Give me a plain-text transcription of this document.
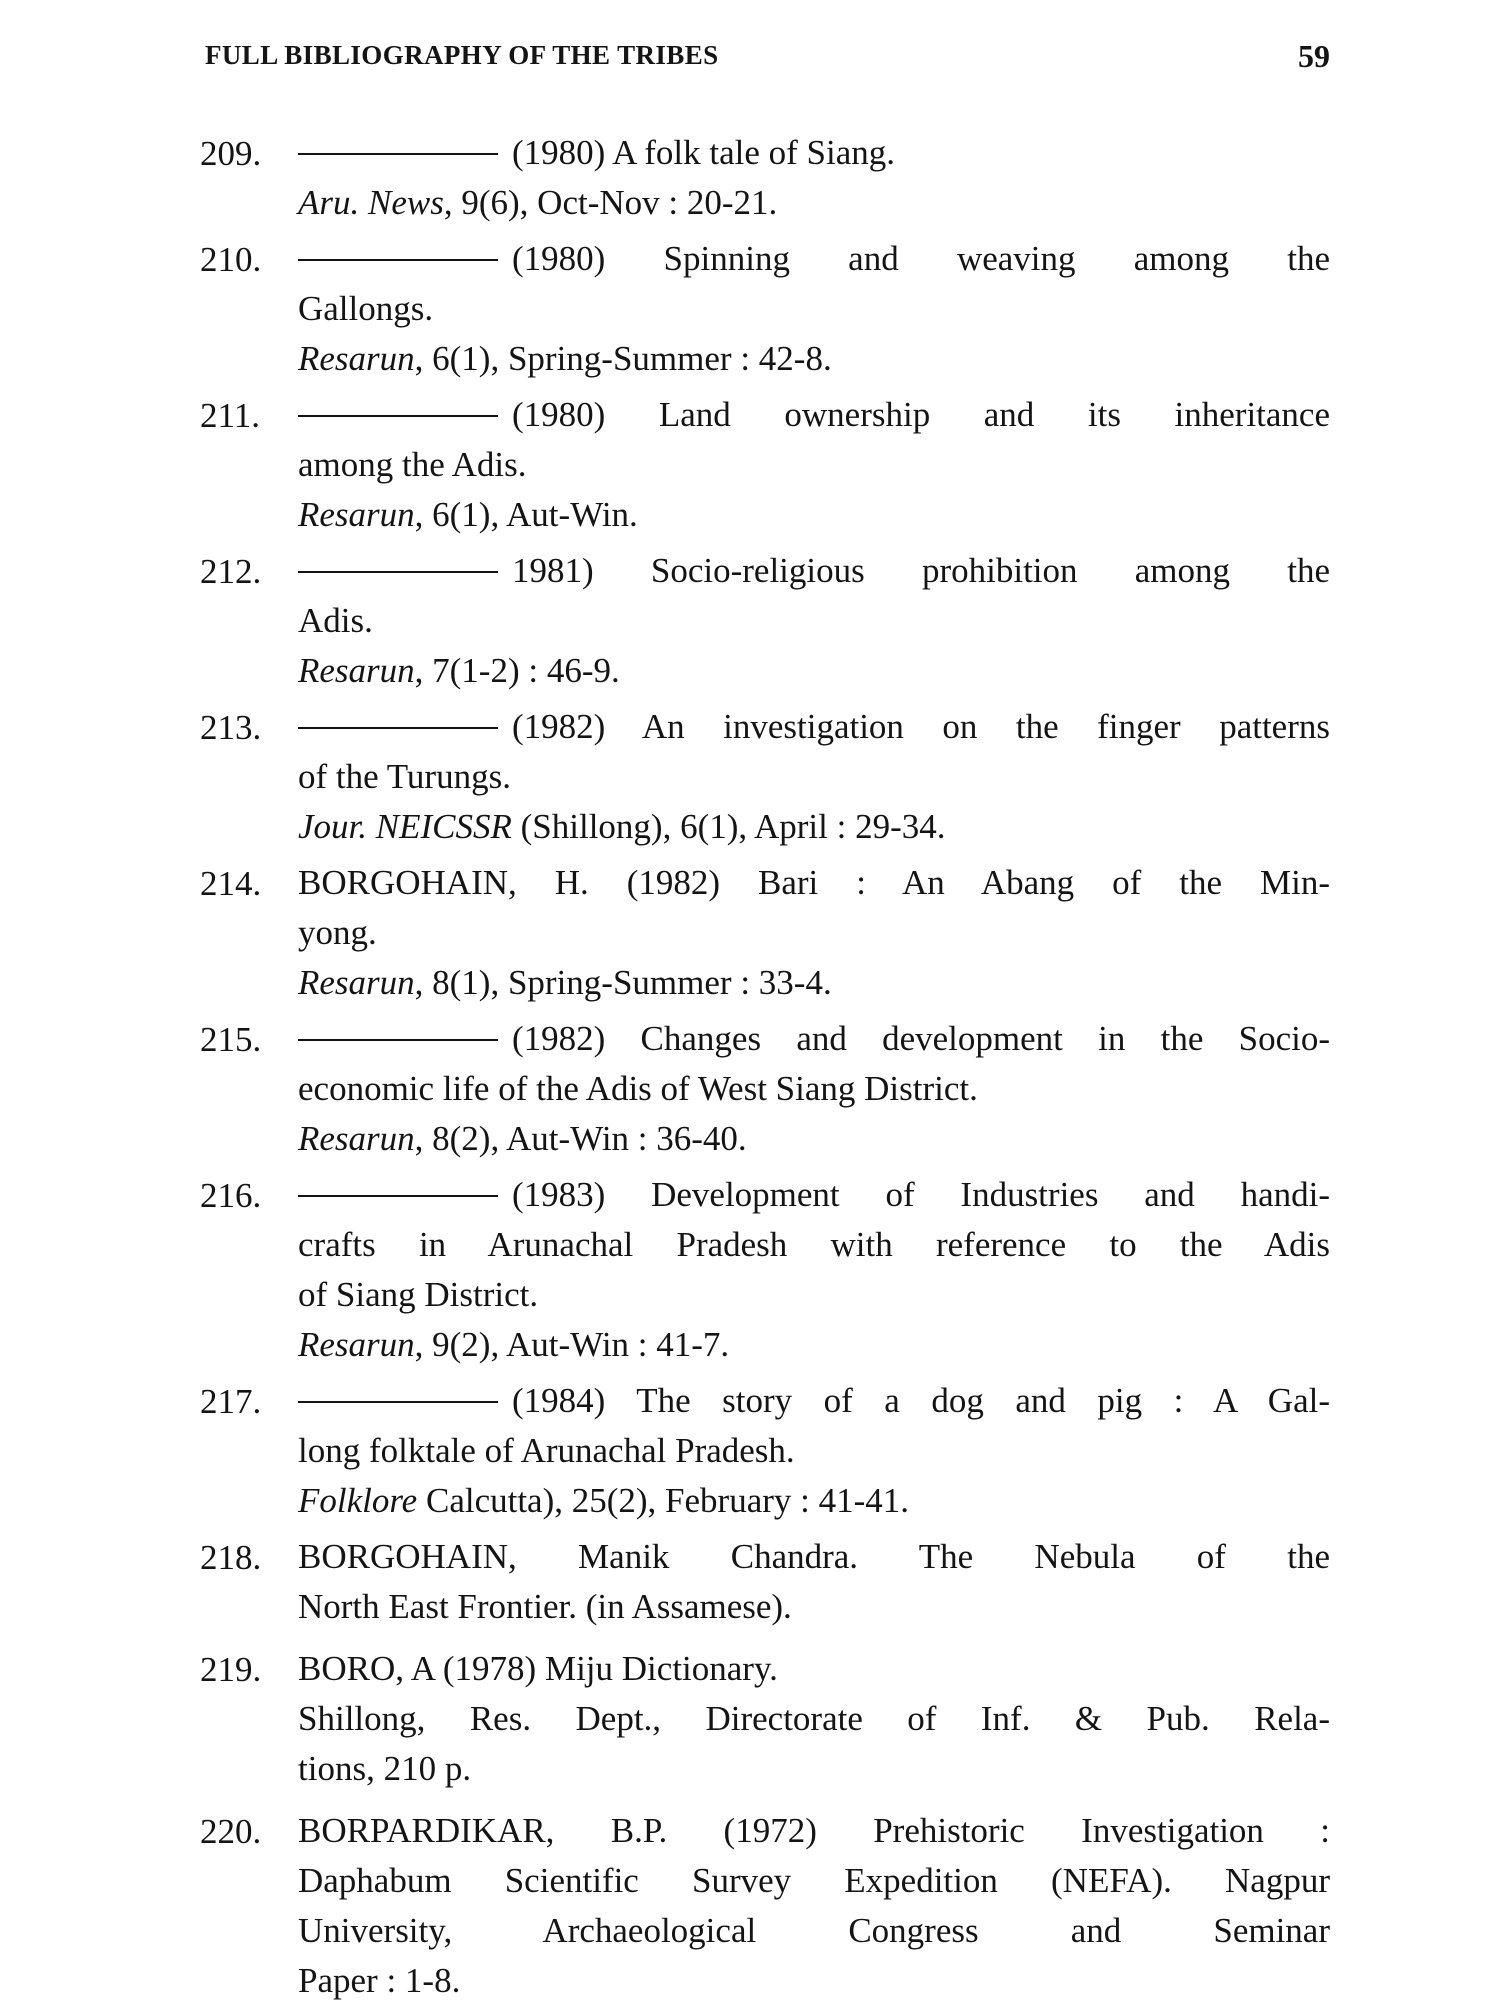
FULL BIBLIOGRAPHY OF THE TRIBES	59
209.	(1980) A folk tale of Siang.
Aru. News, 9(6), Oct-Nov : 20-21.
210.	(1980) Spinning and weaving among the
Gallongs.
Resarun, 6(1), Spring-Summer : 42-8.
211.	(1980) Land ownership and its inheritance
among the Adis.
Resarun, 6(1), Aut-Win.
212.	1981) Socio-religious prohibition among the
Adis.
Resarun, 7(1-2) : 46-9.
213.	(1982) An investigation on the finger patterns
of the Turungs.
Jour. NEICSSR (Shillong), 6(1), April : 29-34.
214. BORGOHAIN, H. (1982) Bari : An Abang of the Min-
yong.
Resarun, 8(1), Spring-Summer : 33-4.
215.	(1982) Changes and development in the Socio-
economic life of the Adis of West Siang District.
Resarun, 8(2), Aut-Win : 36-40.
216.	(1983) Development of Industries and handi-
crafts in Arunachal Pradesh with reference to the Adis
of Siang District.
Resarun, 9(2), Aut-Win : 41-7.
217.	(1984) The story of a dog and pig : A Gal-
long folktale of Arunachal Pradesh.
Folklore Calcutta), 25(2), February : 41-41.
218. BORGOHAIN, Manik Chandra. The Nebula of the
North East Frontier. (in Assamese).
219. BORO, A (1978) Miju Dictionary.
Shillong, Res. Dept., Directorate of Inf. & Pub. Rela-
tions, 210 p.
220. BORPARDIKAR, B.P. (1972) Prehistoric Investigation :
Daphabum Scientific Survey Expedition (NEFA). Nagpur
University, Archaeological Congress and Seminar
Paper : 1-8.
